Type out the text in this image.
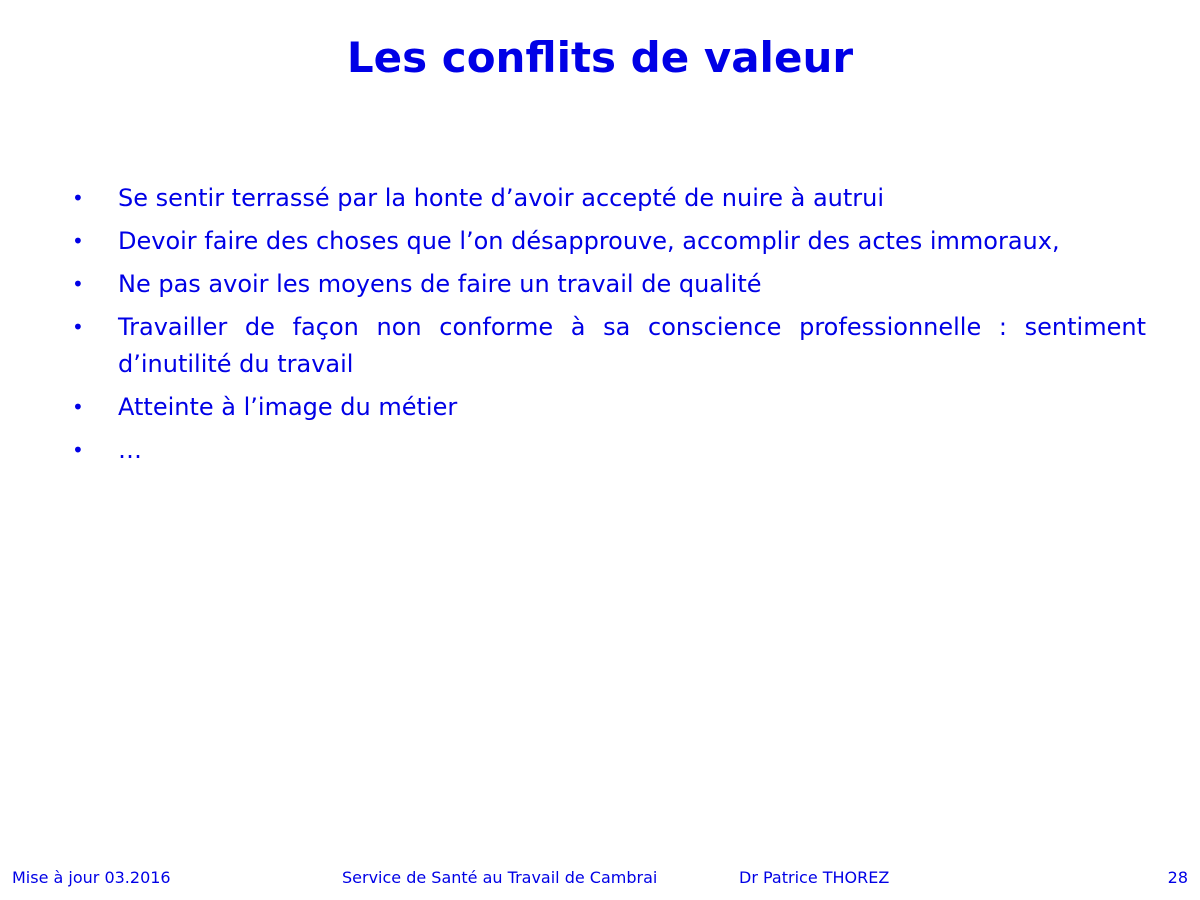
Les conflits de valeur
• Se sentir terrassé par la honte d’avoir accepté de nuire à autrui
• Devoir faire des choses que l’on désapprouve, accomplir des actes immoraux,
• Ne pas avoir les moyens de faire un travail de qualité
• Travailler de façon non conforme à sa conscience professionnelle : sentiment d’inutilité du travail
• Atteinte à l’image du métier
• …
Mise à jour 03.2016	Service de Santé au Travail de Cambrai	Dr Patrice THOREZ	28
